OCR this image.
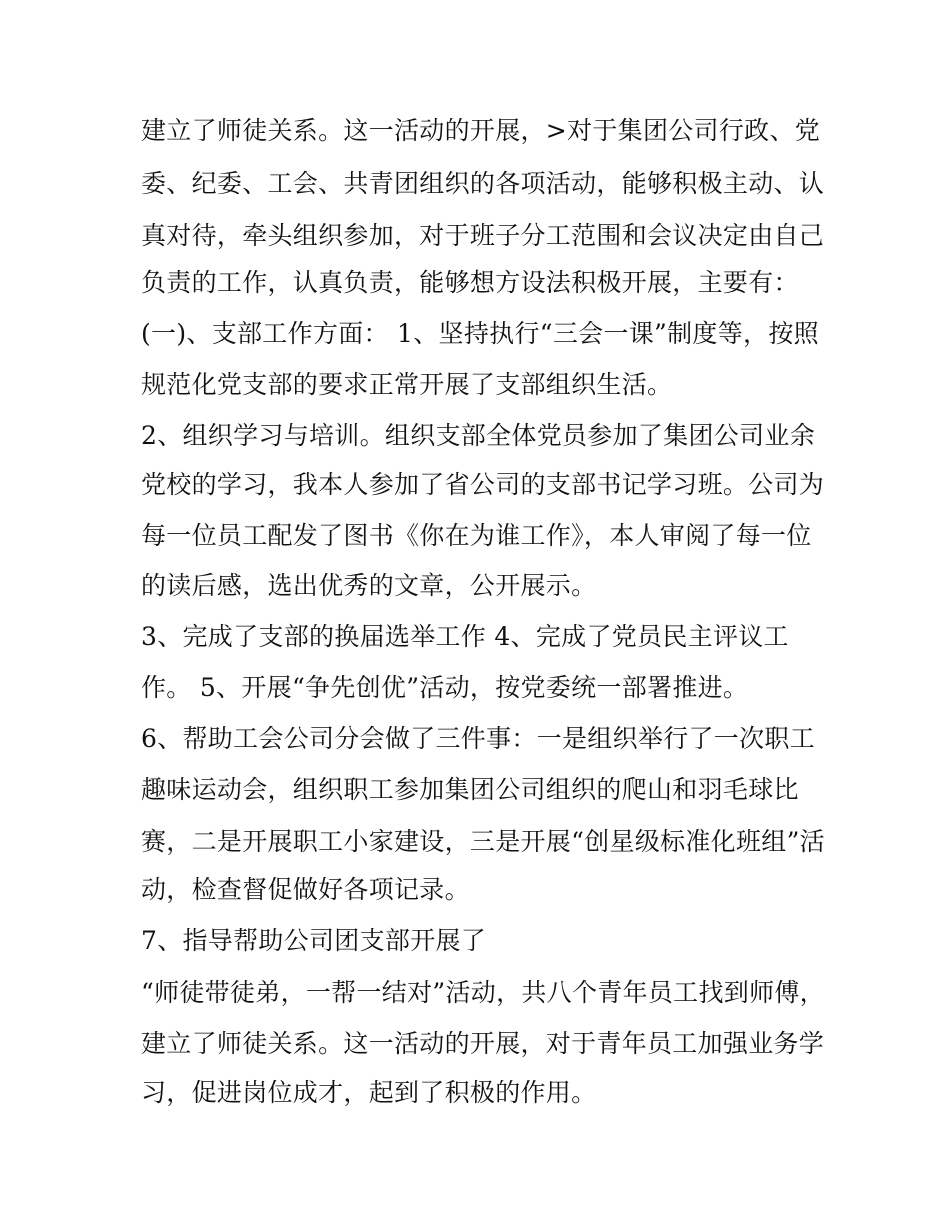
建立了师徒关系。这一活动的开展，>对于集团公司行政、党
委、纪委、工会、共青团组织的各项活动，能够积极主动、认
真对待，牵头组织参加，对于班子分工范围和会议决定由自己
负责的工作，认真负责，能够想方设法积极开展，主要有：
(一)、支部工作方面： 1、坚持执行“三会一课”制度等，按照
规范化党支部的要求正常开展了支部组织生活。
2、组织学习与培训。组织支部全体党员参加了集团公司业余
党校的学习，我本人参加了省公司的支部书记学习班。公司为
每一位员工配发了图书《你在为谁工作》，本人审阅了每一位
的读后感，选出优秀的文章，公开展示。
3、完成了支部的换届选举工作 4、完成了党员民主评议工
作。 5、开展“争先创优”活动，按党委统一部署推进。
6、帮助工会公司分会做了三件事：一是组织举行了一次职工
趣味运动会，组织职工参加集团公司组织的爬山和羽毛球比
赛，二是开展职工小家建设，三是开展“创星级标准化班组”活
动，检查督促做好各项记录。
7、指导帮助公司团支部开展了
“师徒带徒弟，一帮一结对”活动，共八个青年员工找到师傅，
建立了师徒关系。这一活动的开展，对于青年员工加强业务学
习，促进岗位成才，起到了积极的作用。
